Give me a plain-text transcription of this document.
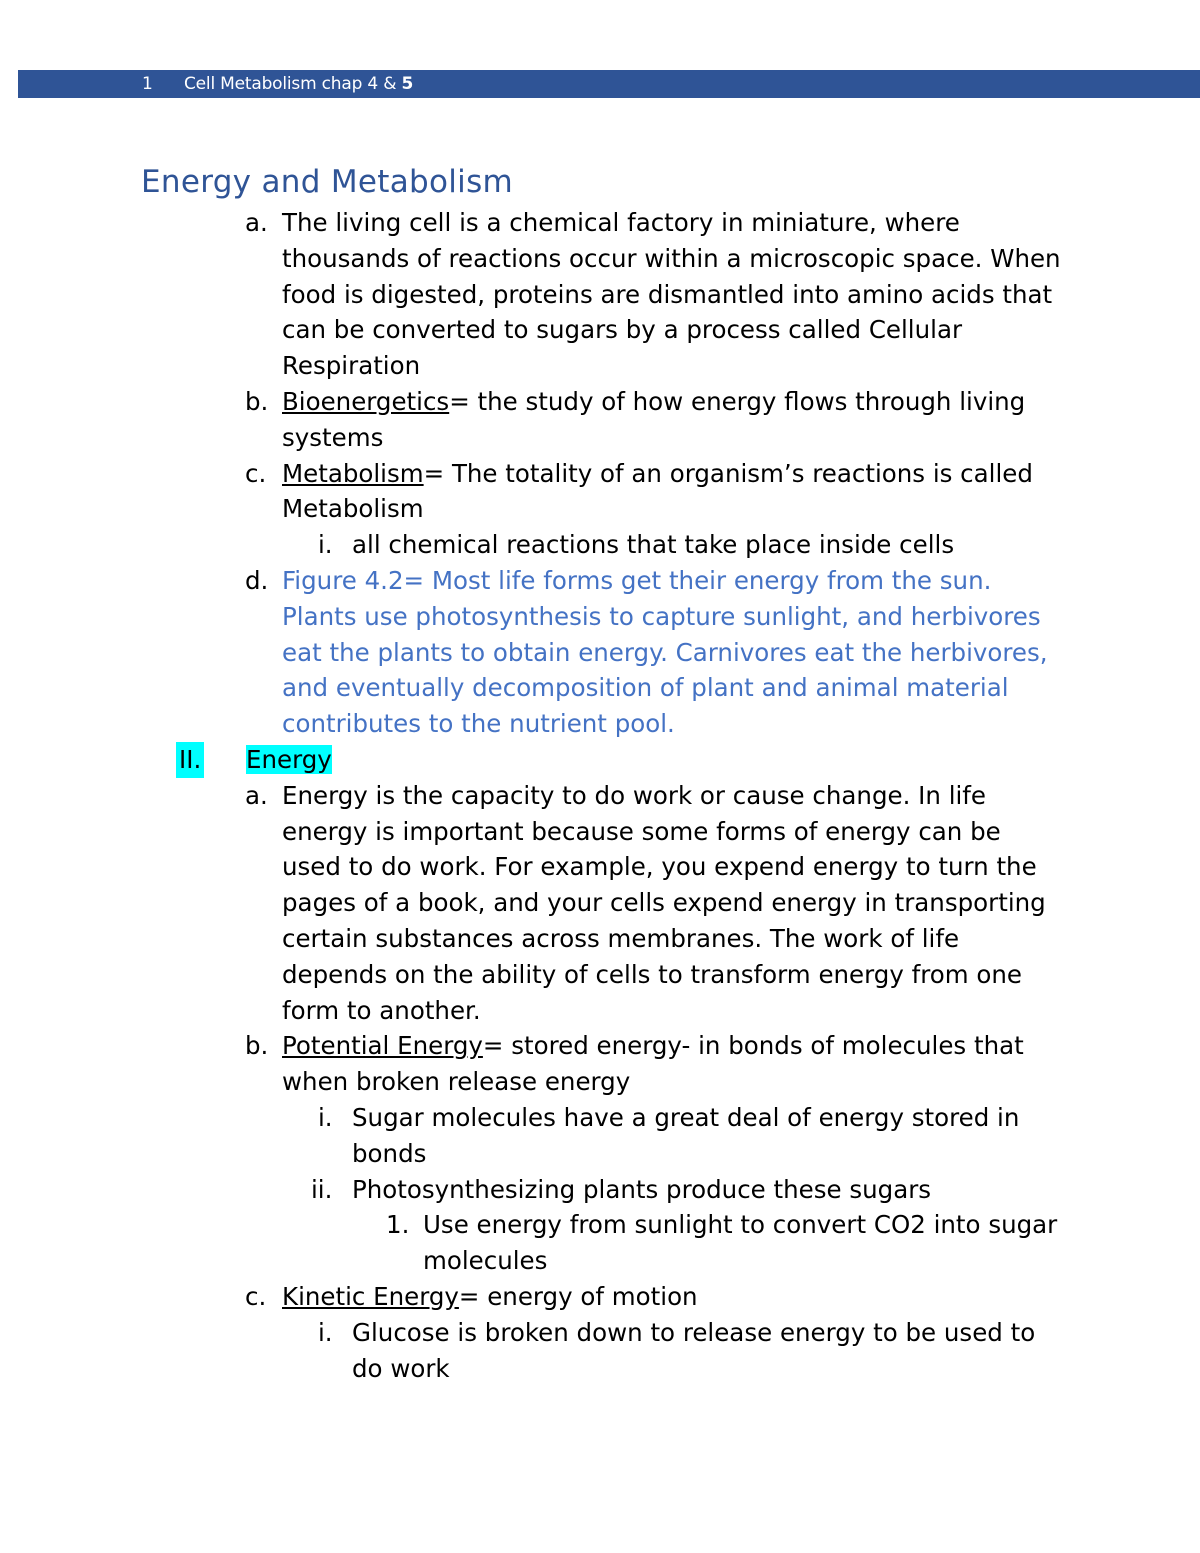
1 Cell Metabolism chap 4 & 5
Energy and Metabolism
a. The living cell is a chemical factory in miniature, where thousands of reactions occur within a microscopic space. When food is digested, proteins are dismantled into amino acids that can be converted to sugars by a process called Cellular Respiration
b. Bioenergetics= the study of how energy flows through living systems
c. Metabolism= The totality of an organism’s reactions is called Metabolism
i. all chemical reactions that take place inside cells
d. Figure 4.2= Most life forms get their energy from the sun. Plants use photosynthesis to capture sunlight, and herbivores eat the plants to obtain energy. Carnivores eat the herbivores, and eventually decomposition of plant and animal material contributes to the nutrient pool.
II. Energy
a. Energy is the capacity to do work or cause change. In life energy is important because some forms of energy can be used to do work. For example, you expend energy to turn the pages of a book, and your cells expend energy in transporting certain substances across membranes. The work of life depends on the ability of cells to transform energy from one form to another.
b. Potential Energy= stored energy- in bonds of molecules that when broken release energy
i. Sugar molecules have a great deal of energy stored in bonds
ii. Photosynthesizing plants produce these sugars
1. Use energy from sunlight to convert CO2 into sugar molecules
c. Kinetic Energy= energy of motion
i. Glucose is broken down to release energy to be used to do work
